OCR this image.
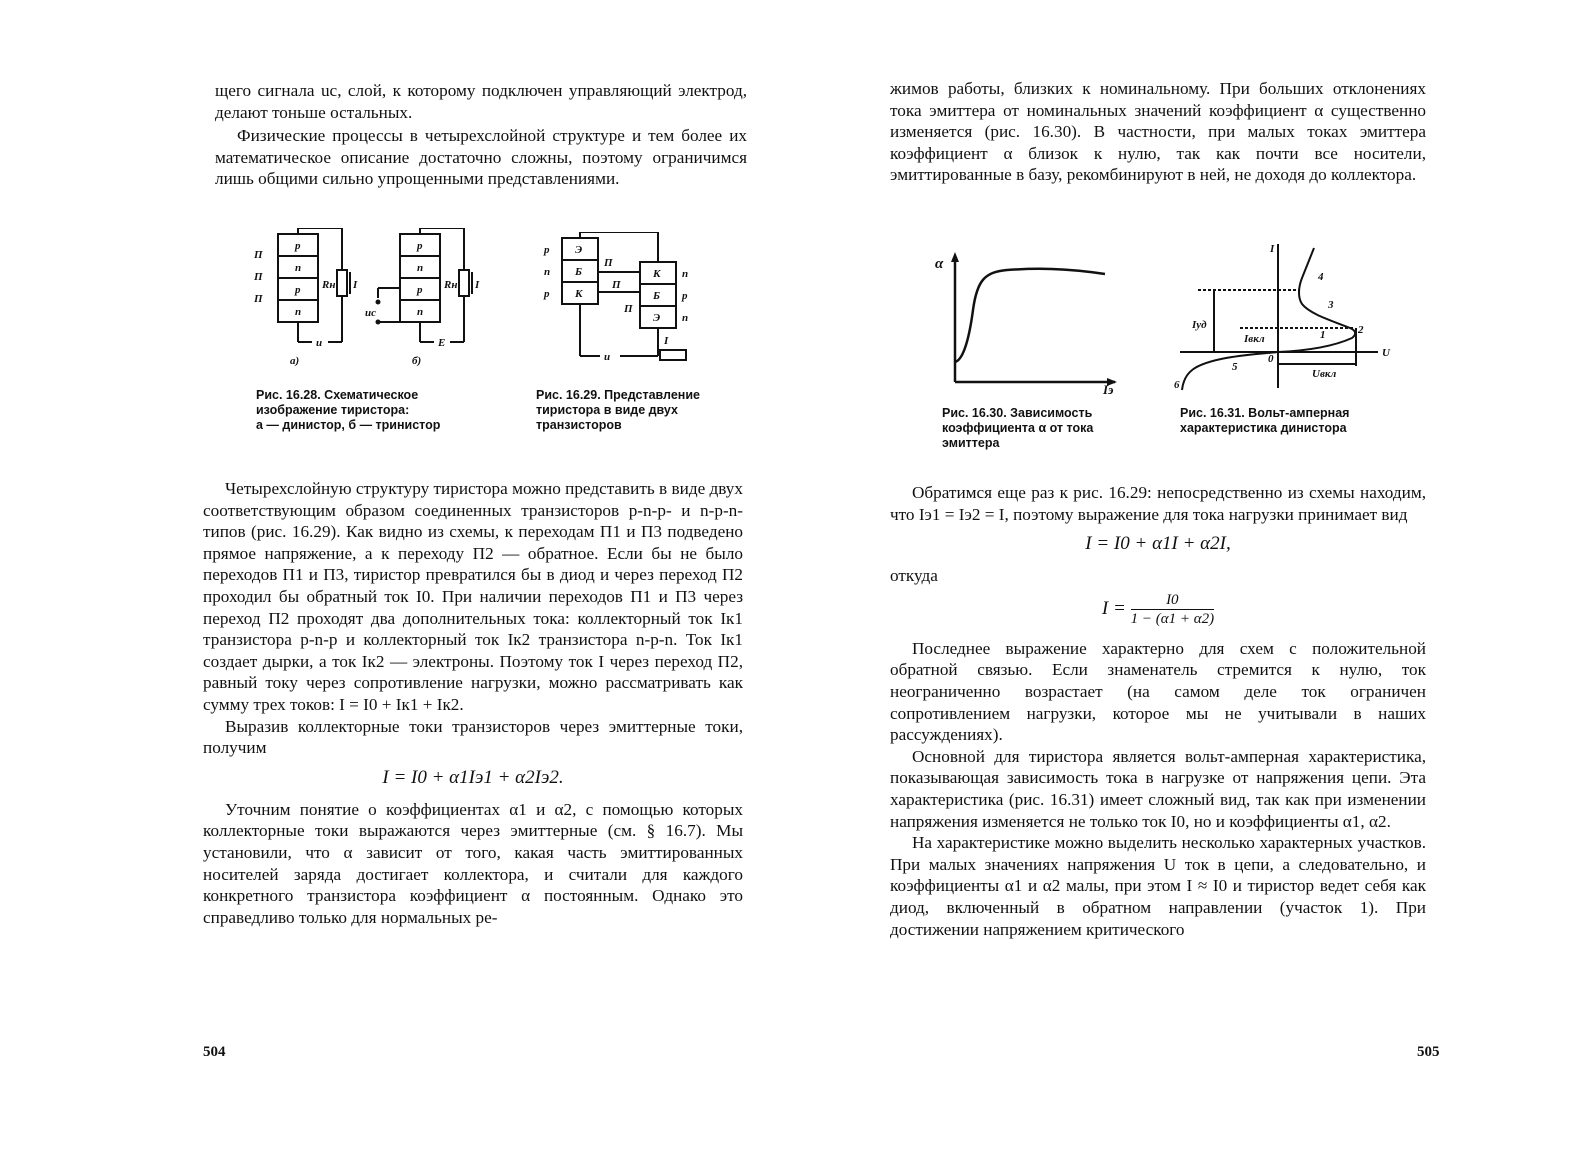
щего сигнала uс, слой, к которому подключен управляющий электрод, делают тоньше остальных.

Физические процессы в четырехслойной структуре и тем более их математическое описание достаточно сложны, поэтому ограничимся лишь общими сильно упрощенными представлениями.

p
n
p
n
П
П
П
Rн I
u
а)
p
n
p
n
Rн I
uс
E
б)
p
n
p
Э
Б
К
К
Б
Э
n
p
n
П
П
П
u
I
Рис. 16.28. Схематическое изображение тиристора:
а — динистор, б — тринистор
Рис. 16.29. Представление тиристора в виде двух транзисторов

Четырехслойную структуру тиристора можно представить в виде двух соответствующим образом соединенных транзисторов p-n-p- и n-p-n- типов (рис. 16.29). Как видно из схемы, к переходам П1 и П3 подведено прямое напряжение, а к переходу П2 — обратное. Если бы не было переходов П1 и П3, тиристор превратился бы в диод и через переход П2 проходил бы обратный ток I0. При наличии переходов П1 и П3 через переход П2 проходят два дополнительных тока: коллекторный ток Iк1 транзистора p-n-p и коллекторный ток Iк2 транзистора n-p-n. Ток Iк1 создает дырки, а ток Iк2 — электроны. Поэтому ток I через переход П2, равный току через сопротивление нагрузки, можно рассматривать как сумму трех токов: I = I0 + Iк1 + Iк2.

Выразив коллекторные токи транзисторов через эмиттерные токи, получим

I = I0 + α1Iэ1 + α2Iэ2.

Уточним понятие о коэффициентах α1 и α2, с помощью которых коллекторные токи выражаются через эмиттерные (см. § 16.7). Мы установили, что α зависит от того, какая часть эмиттированных носителей заряда достигает коллектора, и считали для каждого конкретного транзистора коэффициент α постоянным. Однако это справедливо только для нормальных ре-

504

жимов работы, близких к номинальному. При больших отклонениях тока эмиттера от номинальных значений коэффициент α существенно изменяется (рис. 16.30). В частности, при малых токах эмиттера коэффициент α близок к нулю, так как почти все носители, эмиттированные в базу, рекомбинируют в ней, не доходя до коллектора.

α
Iэ
I
U
Iуд
Iвкл
Uвкл
0
1	2
3
4
5
6
Рис. 16.30. Зависимость коэффициента α от тока эмиттера
Рис. 16.31. Вольт-амперная характеристика динистора

Обратимся еще раз к рис. 16.29: непосредственно из схемы находим, что Iэ1 = Iэ2 = I, поэтому выражение для тока нагрузки принимает вид

I = I0 + α1I + α2I,

откуда

$I = \frac{I0}{1 - (\alpha 1 + \alpha 2)}$

Последнее выражение характерно для схем с положительной обратной связью. Если знаменатель стремится к нулю, ток неограниченно возрастает (на самом деле ток ограничен сопротивлением нагрузки, которое мы не учитывали в наших рассуждениях).

Основной для тиристора является вольт-амперная характеристика, показывающая зависимость тока в нагрузке от напряжения цепи. Эта характеристика (рис. 16.31) имеет сложный вид, так как при изменении напряжения изменяется не только ток I0, но и коэффициенты α1, α2.

На характеристике можно выделить несколько характерных участков. При малых значениях напряжения U ток в цепи, а следовательно, и коэффициенты α1 и α2 малы, при этом I ≈ I0 и тиристор ведет себя как диод, включенный в обратном направлении (участок 1). При достижении напряжением критического

505
